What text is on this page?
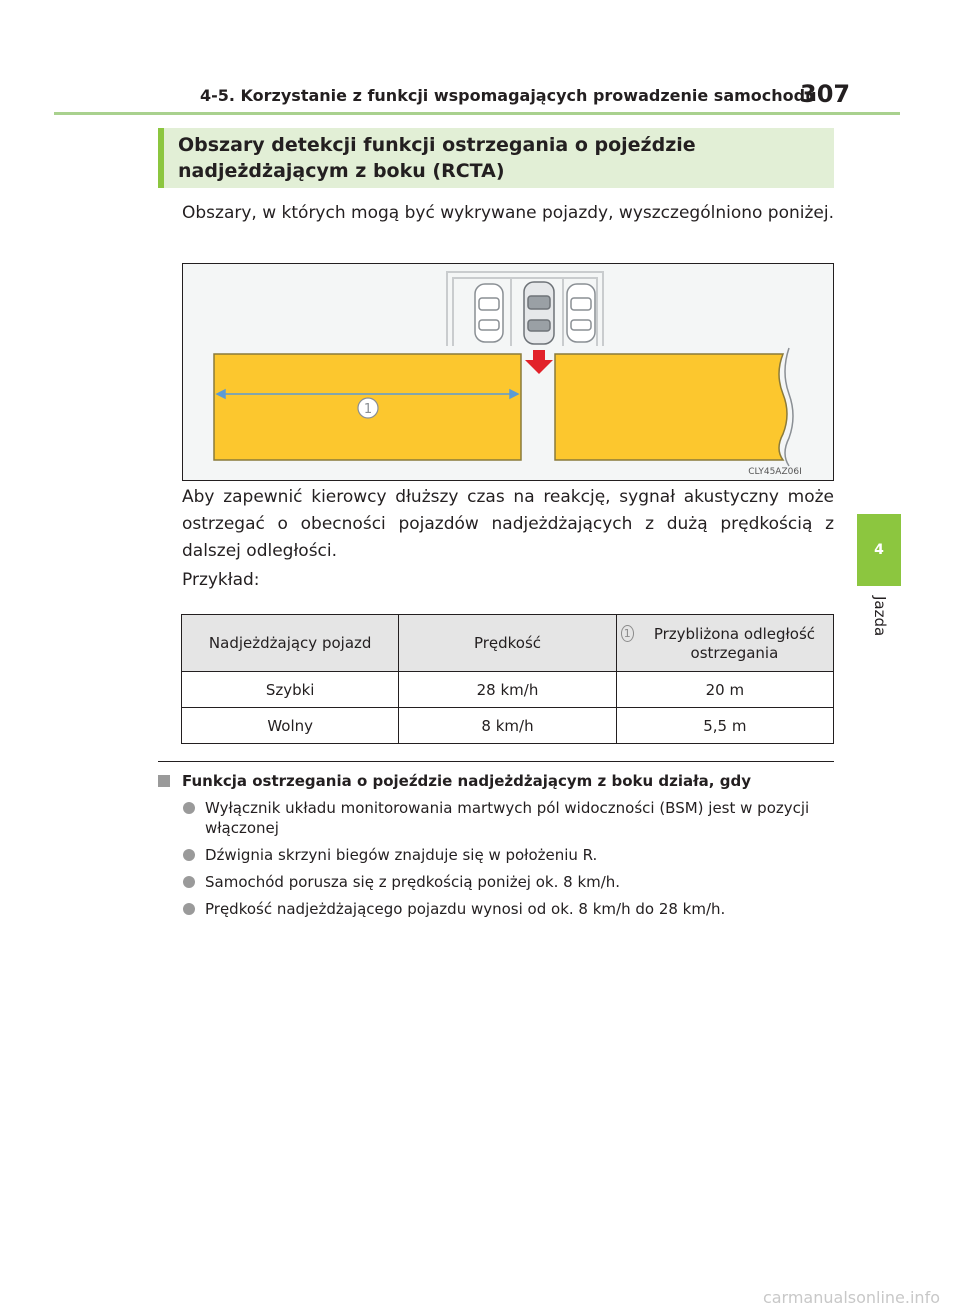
4-5. Korzystanie z funkcji wspomagających prowadzenie samochodu
307
4
Jazda
Obszary detekcji funkcji ostrzegania o pojeździe nadjeżdżającym z boku (RCTA)
Obszary, w których mogą być wykrywane pojazdy, wyszczególniono poniżej.
1
CLY45AZ06I
Aby zapewnić kierowcy dłuższy czas na reakcję, sygnał akustyczny może ostrzegać o obecności pojazdów nadjeżdżających z dużą prędkością z dalszej odległości.
Przykład:
Nadjeżdżający pojazd	Prędkość	1 Przybliżona odległość ostrzegania

Szybki	28 km/h	20 m
Wolny	8 km/h	5,5 m
Funkcja ostrzegania o pojeździe nadjeżdżającym z boku działa, gdy
Wyłącznik układu monitorowania martwych pól widoczności (BSM) jest w pozycji włączonej
Dźwignia skrzyni biegów znajduje się w położeniu R.
Samochód porusza się z prędkością poniżej ok. 8 km/h.
Prędkość nadjeżdżającego pojazdu wynosi od ok. 8 km/h do 28 km/h.
carmanualsonline.info
